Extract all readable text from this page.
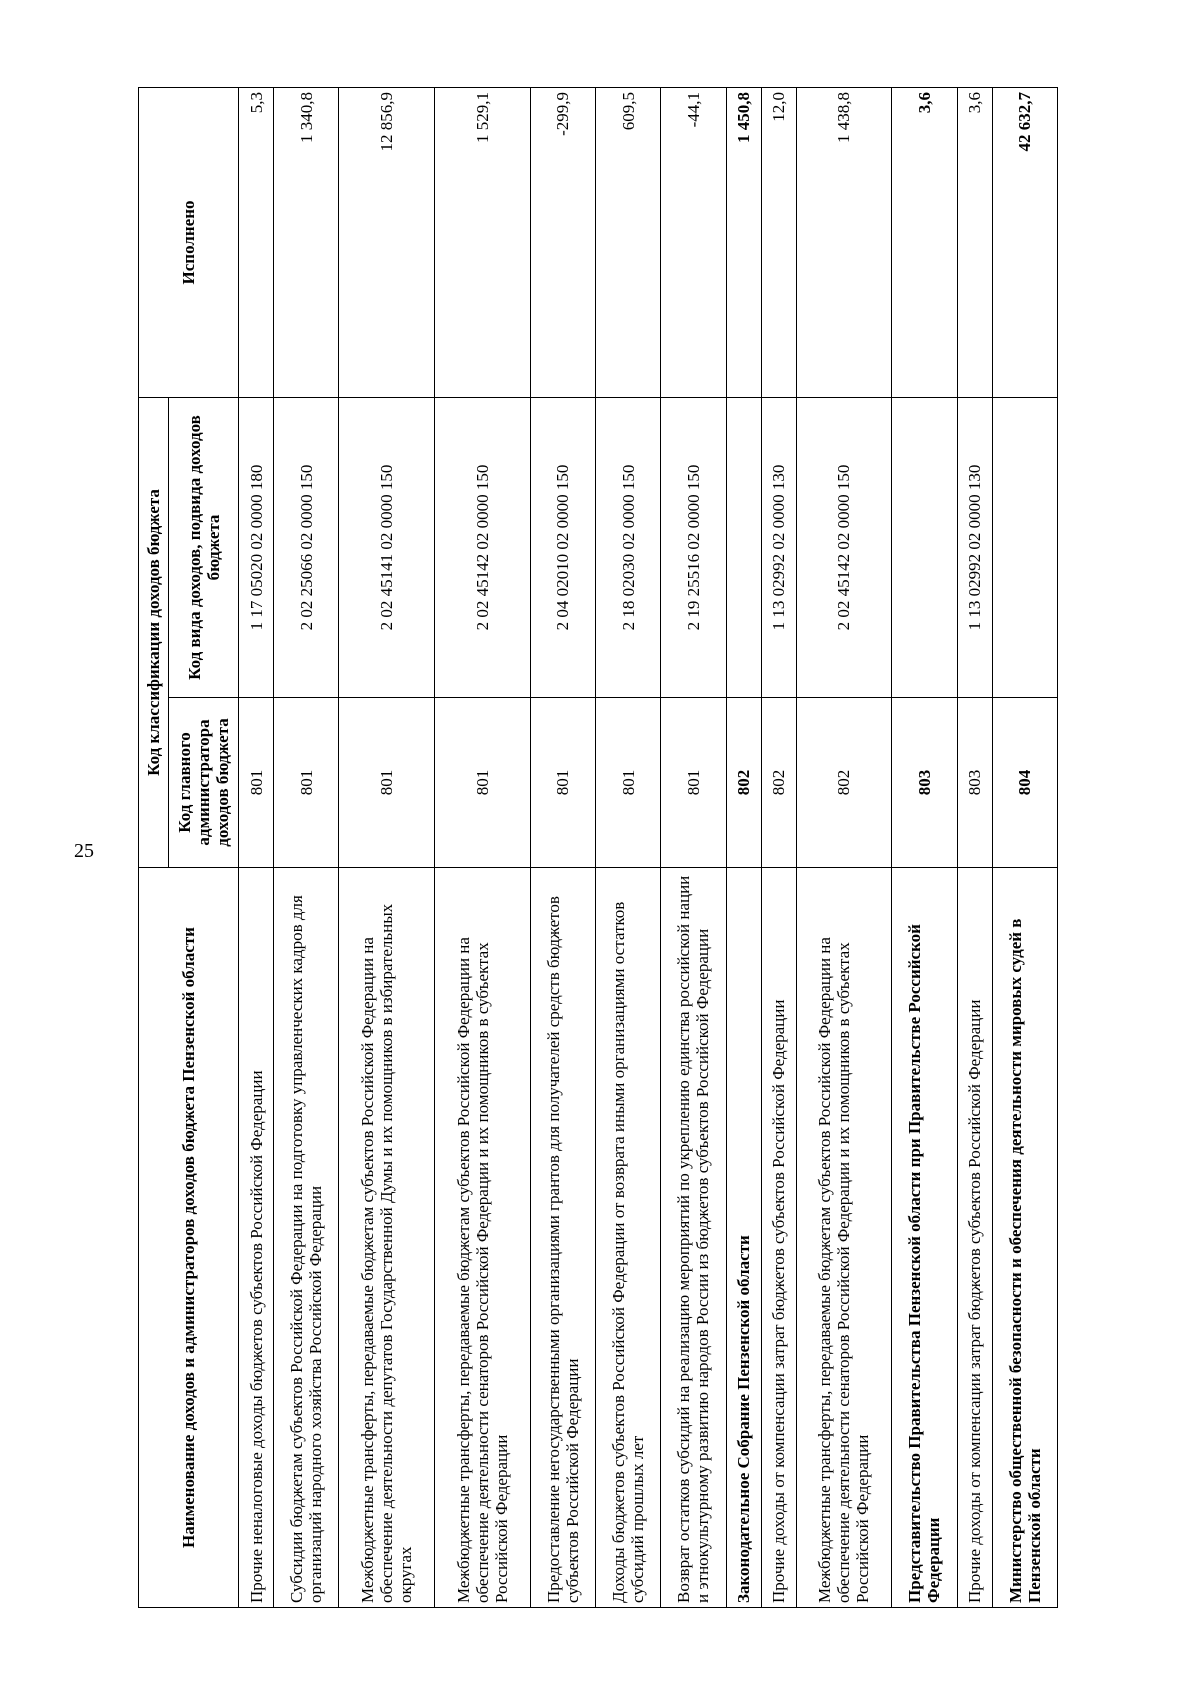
25
Наименование доходов и администраторов доходов бюджета Пензенской области	Код классификации доходов бюджета		Исполнено
	Код главного администратора доходов бюджета	Код вида доходов, подвида доходов бюджета	
Прочие неналоговые доходы бюджетов субъектов Российской Федерации	801	1 17 05020 02 0000 180	5,3
Субсидии бюджетам субъектов Российской Федерации на подготовку управленческих кадров для организаций народного хозяйства Российской Федерации	801	2 02 25066 02 0000 150	1 340,8
Межбюджетные трансферты, передаваемые бюджетам субъектов Российской Федерации на обеспечение деятельности депутатов Государственной Думы и их помощников в избирательных округах	801	2 02 45141 02 0000 150	12 856,9
Межбюджетные трансферты, передаваемые бюджетам субъектов Российской Федерации на обеспечение деятельности сенаторов Российской Федерации и их помощников в субъектах Российской Федерации	801	2 02 45142 02 0000 150	1 529,1
Предоставление негосударственными организациями грантов для получателей средств бюджетов субъектов Российской Федерации	801	2 04 02010 02 0000 150	-299,9
Доходы бюджетов субъектов Российской Федерации от возврата иными организациями остатков субсидий прошлых лет	801	2 18 02030 02 0000 150	609,5
Возврат остатков субсидий на реализацию мероприятий по укреплению единства российской нации и этнокультурному развитию народов России из бюджетов субъектов Российской Федерации	801	2 19 25516 02 0000 150	-44,1
Законодательное Собрание Пензенской области	802		1 450,8
Прочие доходы от компенсации затрат бюджетов субъектов Российской Федерации	802	1 13 02992 02 0000 130	12,0
Межбюджетные трансферты, передаваемые бюджетам субъектов Российской Федерации на обеспечение деятельности сенаторов Российской Федерации и их помощников в субъектах Российской Федерации	802	2 02 45142 02 0000 150	1 438,8
Представительство Правительства Пензенской области при Правительстве Российской Федерации	803		3,6
Прочие доходы от компенсации затрат бюджетов субъектов Российской Федерации	803	1 13 02992 02 0000 130	3,6
Министерство общественной безопасности и обеспечения деятельности мировых судей в Пензенской области	804		42 632,7
